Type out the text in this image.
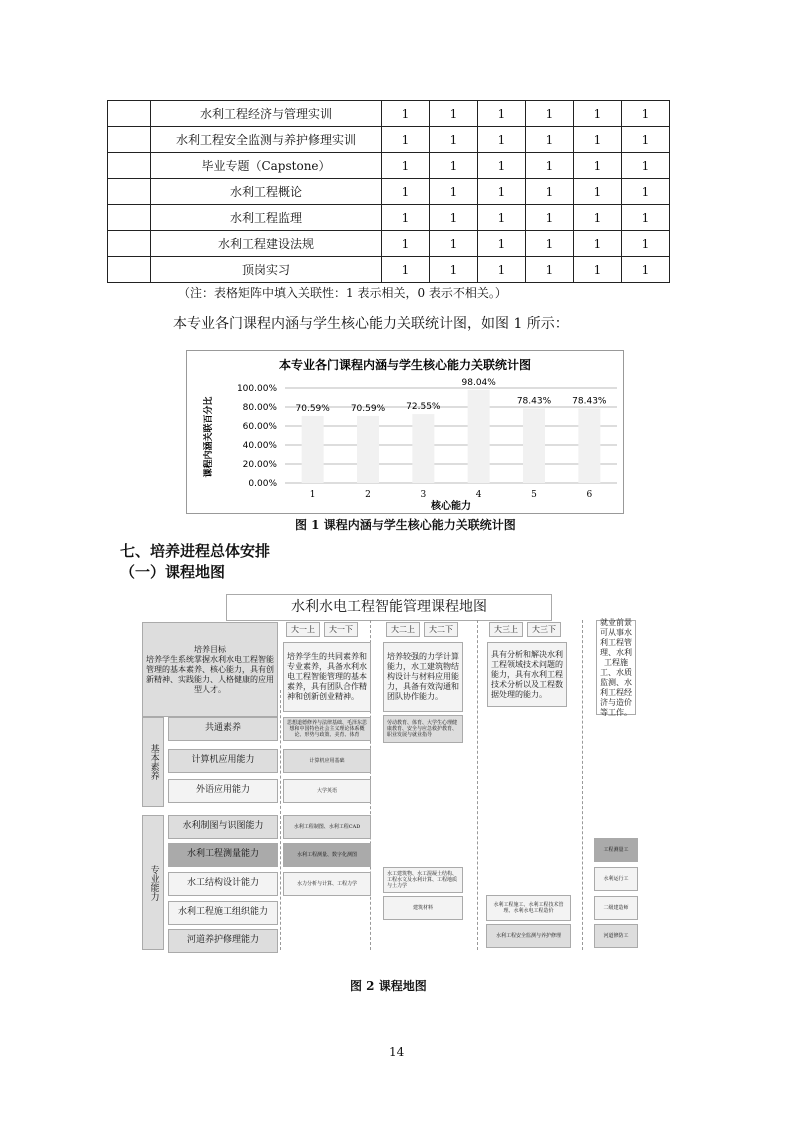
	水利工程经济与管理实训	1	1	1	1	1	1
	水利工程安全监测与养护修理实训	1	1	1	1	1	1
	毕业专题（Capstone）	1	1	1	1	1	1
	水利工程概论	1	1	1	1	1	1
	水利工程监理	1	1	1	1	1	1
	水利工程建设法规	1	1	1	1	1	1
	顶岗实习	1	1	1	1	1	1
（注：表格矩阵中填入关联性：1 表示相关，0 表示不相关。）
本专业各门课程内涵与学生核心能力关联统计图，如图 1 所示：
本专业各门课程内涵与学生核心能力关联统计图
0.00%
20.00%
40.00%
60.00%
80.00%
100.00%
70.59%
1
70.59%
2
72.55%
3
98.04%
4
78.43%
5
78.43%
6
核心能力
课程内涵关联百分比
图 1 课程内涵与学生核心能力关联统计图
七、培养进程总体安排
（一）课程地图
水利水电工程智能管理课程地图
培养目标
培养学生系统掌握水利水电工程智能管理的基本素养、核心能力，具有创新精神、实践能力、人格健康的应用型人才。
就业前景可从事水利工程管理、水利工程施工、水质监测、水利工程经济与造价等工作。
培养学生的共同素养和专业素养，具备水利水电工程智能管理的基本素养，具有团队合作精神和创新创业精神。
培养较强的力学计算能力，水工建筑物结构设计与材料应用能力，具备有效沟通和团队协作能力。
具有分析和解决水利工程领域技术问题的能力，具有水利工程技术分析以及工程数据处理的能力。
基本素养
专业能力
大一上	大一下	大二上	大二下	大三上	大三下
共通素养
计算机应用能力
外语应用能力
水利制图与识图能力
水利工程测量能力
水工结构设计能力
水利工程施工组织能力
河道养护修理能力
思想道德修养与法律基础、毛泽东思想和中国特色社会主义理论体系概论、形势与政策、美育、体育
计算机应用基础
大学英语
水利工程制图、水利工程CAD
水利工程测量、数字化测图
水力分析与计算、工程力学
劳动教育、体育、大学生心理健康教育、安全与应急救护教育、职业发展与就业指导
水工建筑物、水工混凝土结构、工程水文及水利计算、工程地质与土力学
建筑材料
水利工程施工、水利工程技术管理、水利水电工程造价
水利工程安全监测与养护修理
工程测量工
水利运行工
二级建造师
河道修防工
图 2 课程地图
14
